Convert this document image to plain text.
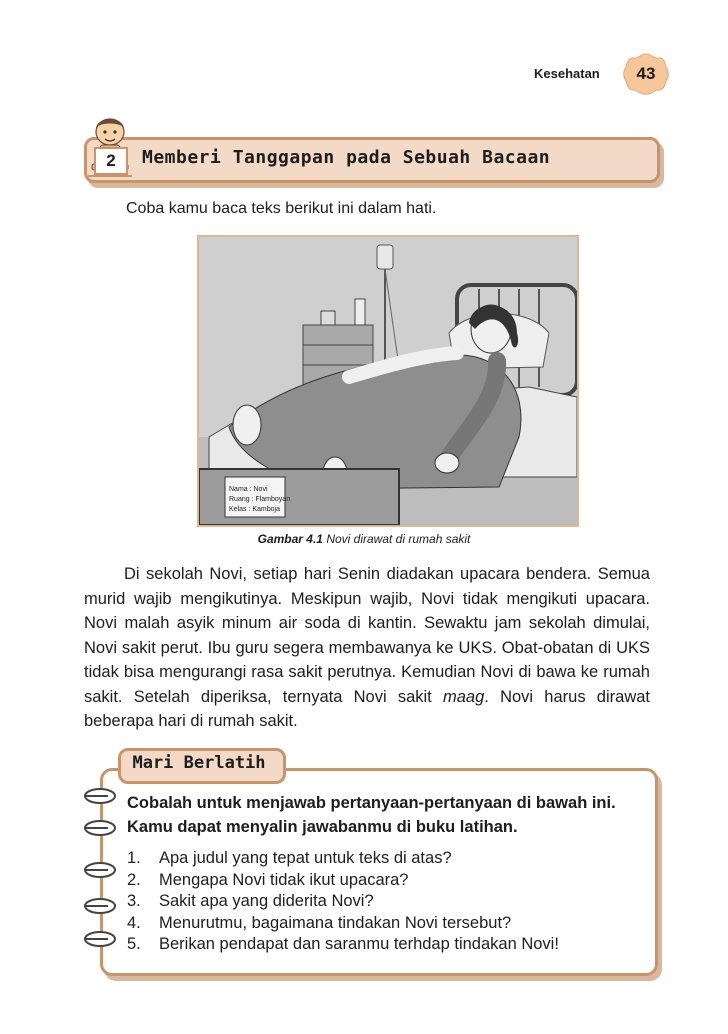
Kesehatan	43
2	Memberi Tanggapan pada Sebuah Bacaan
Coba kamu baca teks berikut ini dalam hati.
Nama : Novi
Ruang : Flamboyan
Kelas : Kamboja
Gambar 4.1 Novi dirawat di rumah sakit
Di sekolah Novi, setiap hari Senin diadakan upacara bendera. Semua murid wajib mengikutinya. Meskipun wajib, Novi tidak mengikuti upacara. Novi malah asyik minum air soda di kantin. Sewaktu jam sekolah dimulai, Novi sakit perut. Ibu guru segera membawanya ke UKS. Obat-obatan di UKS tidak bisa mengurangi rasa sakit perutnya. Kemudian Novi di bawa ke rumah sakit. Setelah diperiksa, ternyata Novi sakit maag. Novi harus dirawat beberapa hari di rumah sakit.
Mari Berlatih
Cobalah untuk menjawab pertanyaan-pertanyaan di bawah ini. Kamu dapat menyalin jawabanmu di buku latihan.
1.	Apa judul yang tepat untuk teks di atas?
2.	Mengapa Novi tidak ikut upacara?
3.	Sakit apa yang diderita Novi?
4.	Menurutmu, bagaimana tindakan Novi tersebut?
5.	Berikan pendapat dan saranmu terhdap tindakan Novi!
